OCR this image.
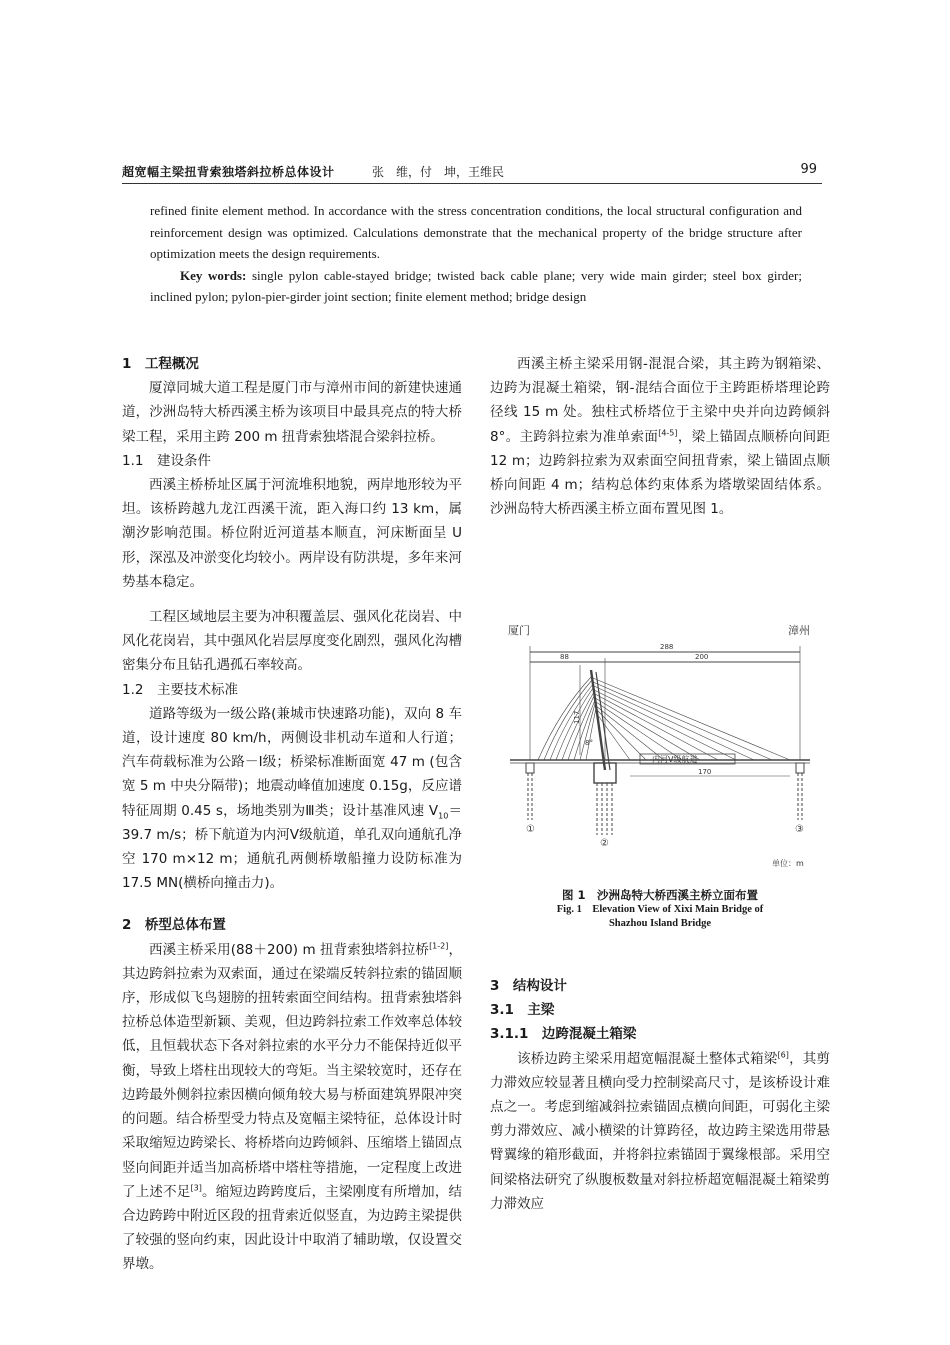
超宽幅主梁扭背索独塔斜拉桥总体设计	张　维，付　坤，王维民	99

refined finite element method. In accordance with the stress concentration conditions, the local structural configuration and reinforcement design was optimized. Calculations demonstrate that the mechanical property of the bridge structure after optimization meets the design requirements.

Key words: single pylon cable-stayed bridge; twisted back cable plane; very wide main girder; steel box girder; inclined pylon; pylon-pier-girder joint section; finite element method; bridge design

1　工程概况

厦漳同城大道工程是厦门市与漳州市间的新建快速通道，沙洲岛特大桥西溪主桥为该项目中最具亮点的特大桥梁工程，采用主跨 200 m 扭背索独塔混合梁斜拉桥。

1.1　建设条件

西溪主桥桥址区属于河流堆积地貌，两岸地形较为平坦。该桥跨越九龙江西溪干流，距入海口约 13 km，属潮汐影响范围。桥位附近河道基本顺直，河床断面呈 U 形，深泓及冲淤变化均较小。两岸设有防洪堤，多年来河势基本稳定。

工程区域地层主要为冲积覆盖层、强风化花岗岩、中风化花岗岩，其中强风化岩层厚度变化剧烈，强风化沟槽密集分布且钻孔遇孤石率较高。

1.2　主要技术标准

道路等级为一级公路(兼城市快速路功能)，双向 8 车道，设计速度 80 km/h，两侧设非机动车道和人行道；汽车荷载标准为公路－Ⅰ级；桥梁标准断面宽 47 m (包含宽 5 m 中央分隔带)；地震动峰值加速度 0.15g，反应谱特征周期 0.45 s，场地类别为Ⅲ类；设计基准风速 $V_{10}=39.7$ m/s；桥下航道为内河Ⅴ级航道，单孔双向通航孔净空 170 m×12 m；通航孔两侧桥墩船撞力设防标准为 17.5 MN(横桥向撞击力)。

2　桥型总体布置

西溪主桥采用(88＋200) m 扭背索独塔斜拉桥[1-2]，其边跨斜拉索为双索面，通过在梁端反转斜拉索的锚固顺序，形成似飞鸟翅膀的扭转索面空间结构。扭背索独塔斜拉桥总体造型新颖、美观，但边跨斜拉索工作效率总体较低，且恒载状态下各对斜拉索的水平分力不能保持近似平衡，导致上塔柱出现较大的弯矩。当主梁较宽时，还存在边跨最外侧斜拉索因横向倾角较大易与桥面建筑界限冲突的问题。结合桥型受力特点及宽幅主梁特征，总体设计时采取缩短边跨梁长、将桥塔向边跨倾斜、压缩塔上锚固点竖向间距并适当加高桥塔中塔柱等措施，一定程度上改进了上述不足[3]。缩短边跨跨度后，主梁刚度有所增加，结合边跨跨中附近区段的扭背索近似竖直，为边跨主梁提供了较强的竖向约束，因此设计中取消了辅助墩，仅设置交界墩。

西溪主桥主梁采用钢-混混合梁，其主跨为钢箱梁、边跨为混凝土箱梁，钢-混结合面位于主跨距桥塔理论跨径线 15 m 处。独柱式桥塔位于主梁中央并向边跨倾斜 8°。主跨斜拉索为准单索面[4-5]，梁上锚固点顺桥向间距 12 m；边跨斜拉索为双索面空间扭背索，梁上锚固点顺桥向间距 4 m；结构总体约束体系为塔墩梁固结体系。沙洲岛特大桥西溪主桥立面布置见图 1。

厦门	漳州
288
88	200
117
8°
内河Ⅴ级航道
170
①
②
③
单位：m
图 1　沙洲岛特大桥西溪主桥立面布置
Fig. 1　Elevation View of Xixi Main Bridge of
Shazhou Island Bridge

3　结构设计

3.1　主梁

3.1.1　边跨混凝土箱梁

该桥边跨主梁采用超宽幅混凝土整体式箱梁[6]，其剪力滞效应较显著且横向受力控制梁高尺寸，是该桥设计难点之一。考虑到缩减斜拉索锚固点横向间距，可弱化主梁剪力滞效应、减小横梁的计算跨径，故边跨主梁选用带悬臂翼缘的箱形截面，并将斜拉索锚固于翼缘根部。采用空间梁格法研究了纵腹板数量对斜拉桥超宽幅混凝土箱梁剪力滞效应
